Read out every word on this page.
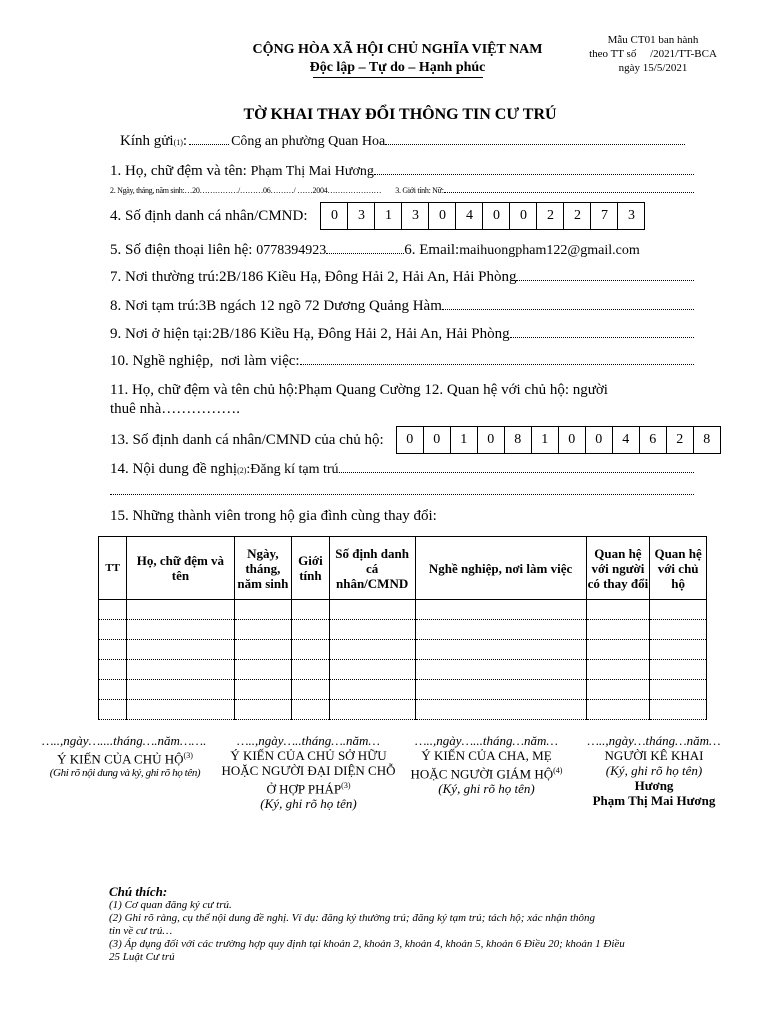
Mẫu CT01 ban hành
theo TT số     /2021/TT-BCA
ngày 15/5/2021
CỘNG HÒA XÃ HỘI CHỦ NGHĨA VIỆT NAM
Độc lập – Tự do – Hạnh phúc
TỜ KHAI THAY ĐỔI THÔNG TIN CƯ TRÚ
Kính gửi (1) :	Công an phường Quan Hoa
1. Họ, chữ đệm và tên:
Phạm Thị Mai Hương
2. Ngày, tháng, năm sinh:…20……………/………06………/ ……2004………………… 3. Giới tính: Nữ:
4. Số định danh cá nhân/CMND:	0	3	1	3	0	4	0	0	2	2	7	3
5. Số điện thoại liên hệ:
0778394923	6. Email: maihuongpham122@gmail.com
7. Nơi thường trú: 2B/186 Kiều Hạ, Đông Hải 2, Hải An, Hải Phòng
8. Nơi tạm trú: 3B ngách 12 ngõ 72 Dương Quảng Hàm
9. Nơi ở hiện tại: 2B/186 Kiều Hạ, Đông Hải 2, Hải An, Hải Phòng
10. Nghề nghiệp,  nơi làm việc:
11. Họ, chữ đệm và tên chủ hộ:Phạm Quang Cường 12. Quan hệ với chủ hộ: người
thuê nhà…………….
13. Số định danh cá nhân/CMND của chủ hộ:	0	0	1	0	8	1	0	0	4	6	2	8
14. Nội dung đề nghị (2) :Đăng kí tạm trú
15. Những thành viên trong hộ gia đình cùng thay đổi:
TT	Họ, chữ đệm và tên	Ngày, tháng, năm sinh	Giới tính	Số định danh cá nhân/CMND	Nghề nghiệp, nơi làm việc	Quan hệ với người có thay đổi	Quan hệ với chủ hộ

…..,ngày…....tháng….năm…….
Ý KIẾN CỦA CHỦ HỘ$^{(3)}$
(Ghi rõ nội dung và ký, ghi rõ họ tên)
…..,ngày…..tháng….năm…
Ý KIẾN CỦA CHỦ SỞ HỮU HOẶC NGƯỜI ĐẠI DIỆN CHỖ Ở HỢP PHÁP$^{(3)}$
(Ký, ghi rõ họ tên)
…..,ngày…...tháng…năm…
Ý KIẾN CỦA CHA, MẸ HOẶC NGƯỜI GIÁM HỘ$^{(4)}$
(Ký, ghi rõ họ tên)
…..,ngày…tháng…năm…
NGƯỜI KÊ KHAI
(Ký, ghi rõ họ tên)
Hương
Phạm Thị Mai Hương
Chú thích:
(1) Cơ quan đăng ký cư trú.
(2) Ghi rõ ràng, cụ thể nội dung đề nghị. Ví dụ: đăng ký thường trú; đăng ký tạm trú; tách hộ; xác nhận thông
tin về cư trú…
(3) Áp dụng đối với các trường hợp quy định tại khoản 2, khoản 3, khoản 4, khoản 5, khoản 6 Điều 20; khoản 1 Điều
25 Luật Cư trú
